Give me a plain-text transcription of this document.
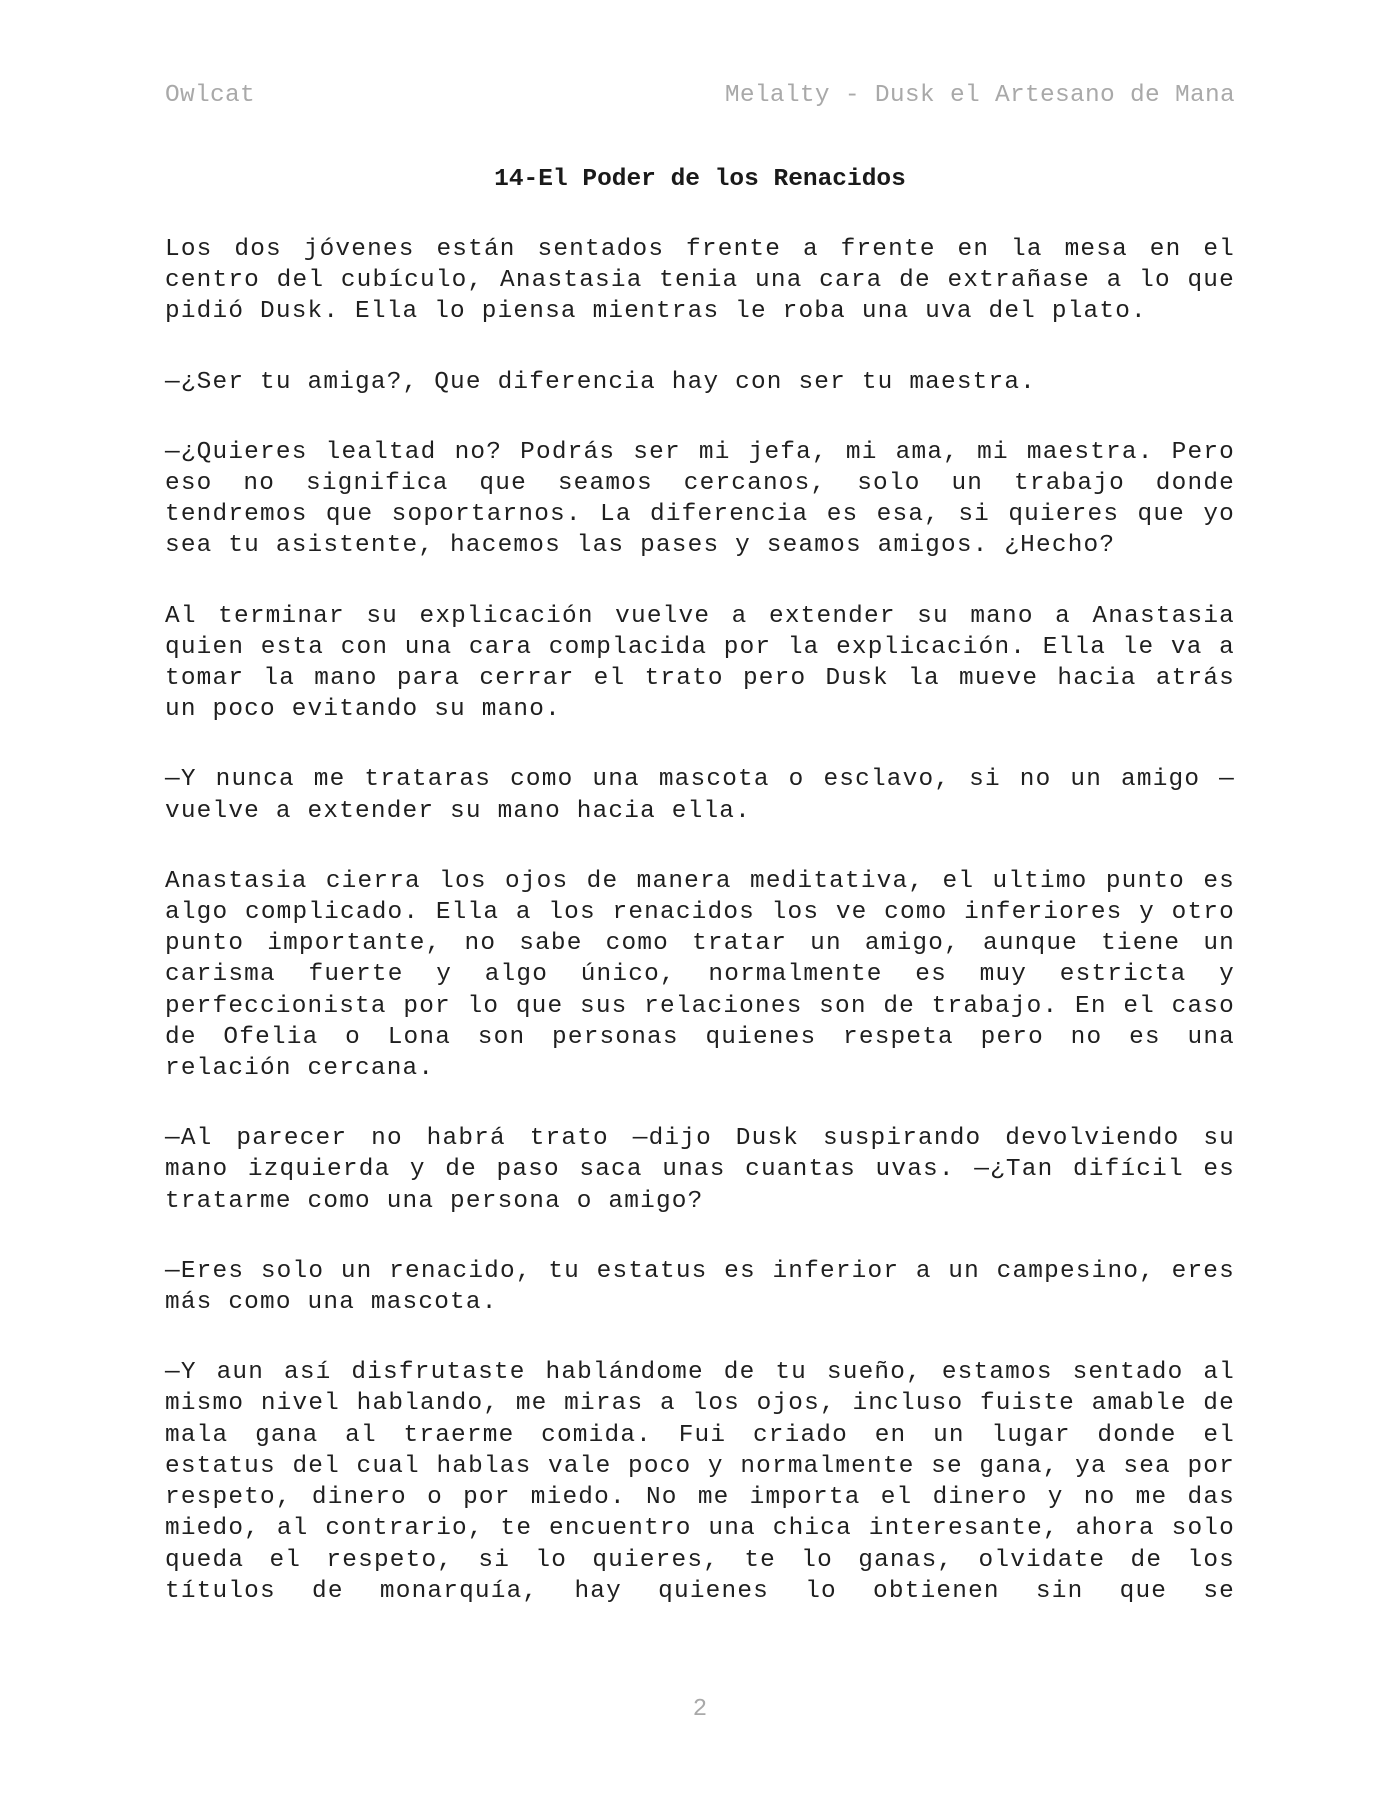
Owlcat	Melalty - Dusk el Artesano de Mana
14-El Poder de los Renacidos

Los dos jóvenes están sentados frente a frente en la mesa en el centro del cubículo, Anastasia tenia una cara de extrañase a lo que pidió Dusk. Ella lo piensa mientras le roba una uva del plato.

—¿Ser tu amiga?, Que diferencia hay con ser tu maestra.

—¿Quieres lealtad no? Podrás ser mi jefa, mi ama, mi maestra. Pero eso no significa que seamos cercanos, solo un trabajo donde tendremos que soportarnos. La diferencia es esa, si quieres que yo sea tu asistente, hacemos las pases y seamos amigos. ¿Hecho?

Al terminar su explicación vuelve a extender su mano a Anastasia quien esta con una cara complacida por la explicación. Ella le va a tomar la mano para cerrar el trato pero Dusk la mueve hacia atrás un poco evitando su mano.

—Y nunca me trataras como una mascota o esclavo, si no un amigo —vuelve a extender su mano hacia ella.

Anastasia cierra los ojos de manera meditativa, el ultimo punto es algo complicado. Ella a los renacidos los ve como inferiores y otro punto importante, no sabe como tratar un amigo, aunque tiene un carisma fuerte y algo único, normalmente es muy estricta y perfeccionista por lo que sus relaciones son de trabajo. En el caso de Ofelia o Lona son personas quienes respeta pero no es una relación cercana.

—Al parecer no habrá trato —dijo Dusk suspirando devolviendo su mano izquierda y de paso saca unas cuantas uvas. —¿Tan difícil es tratarme como una persona o amigo?

—Eres solo un renacido, tu estatus es inferior a un campesino, eres más como una mascota.

—Y aun así disfrutaste hablándome de tu sueño, estamos sentado al mismo nivel hablando, me miras a los ojos, incluso fuiste amable de mala gana al traerme comida. Fui criado en un lugar donde el estatus del cual hablas vale poco y normalmente se gana, ya sea por respeto, dinero o por miedo. No me importa el dinero y no me das miedo, al contrario, te encuentro una chica interesante, ahora solo queda el respeto, si lo quieres, te lo ganas, olvidate de los títulos de monarquía, hay quienes lo obtienen sin que se

2
